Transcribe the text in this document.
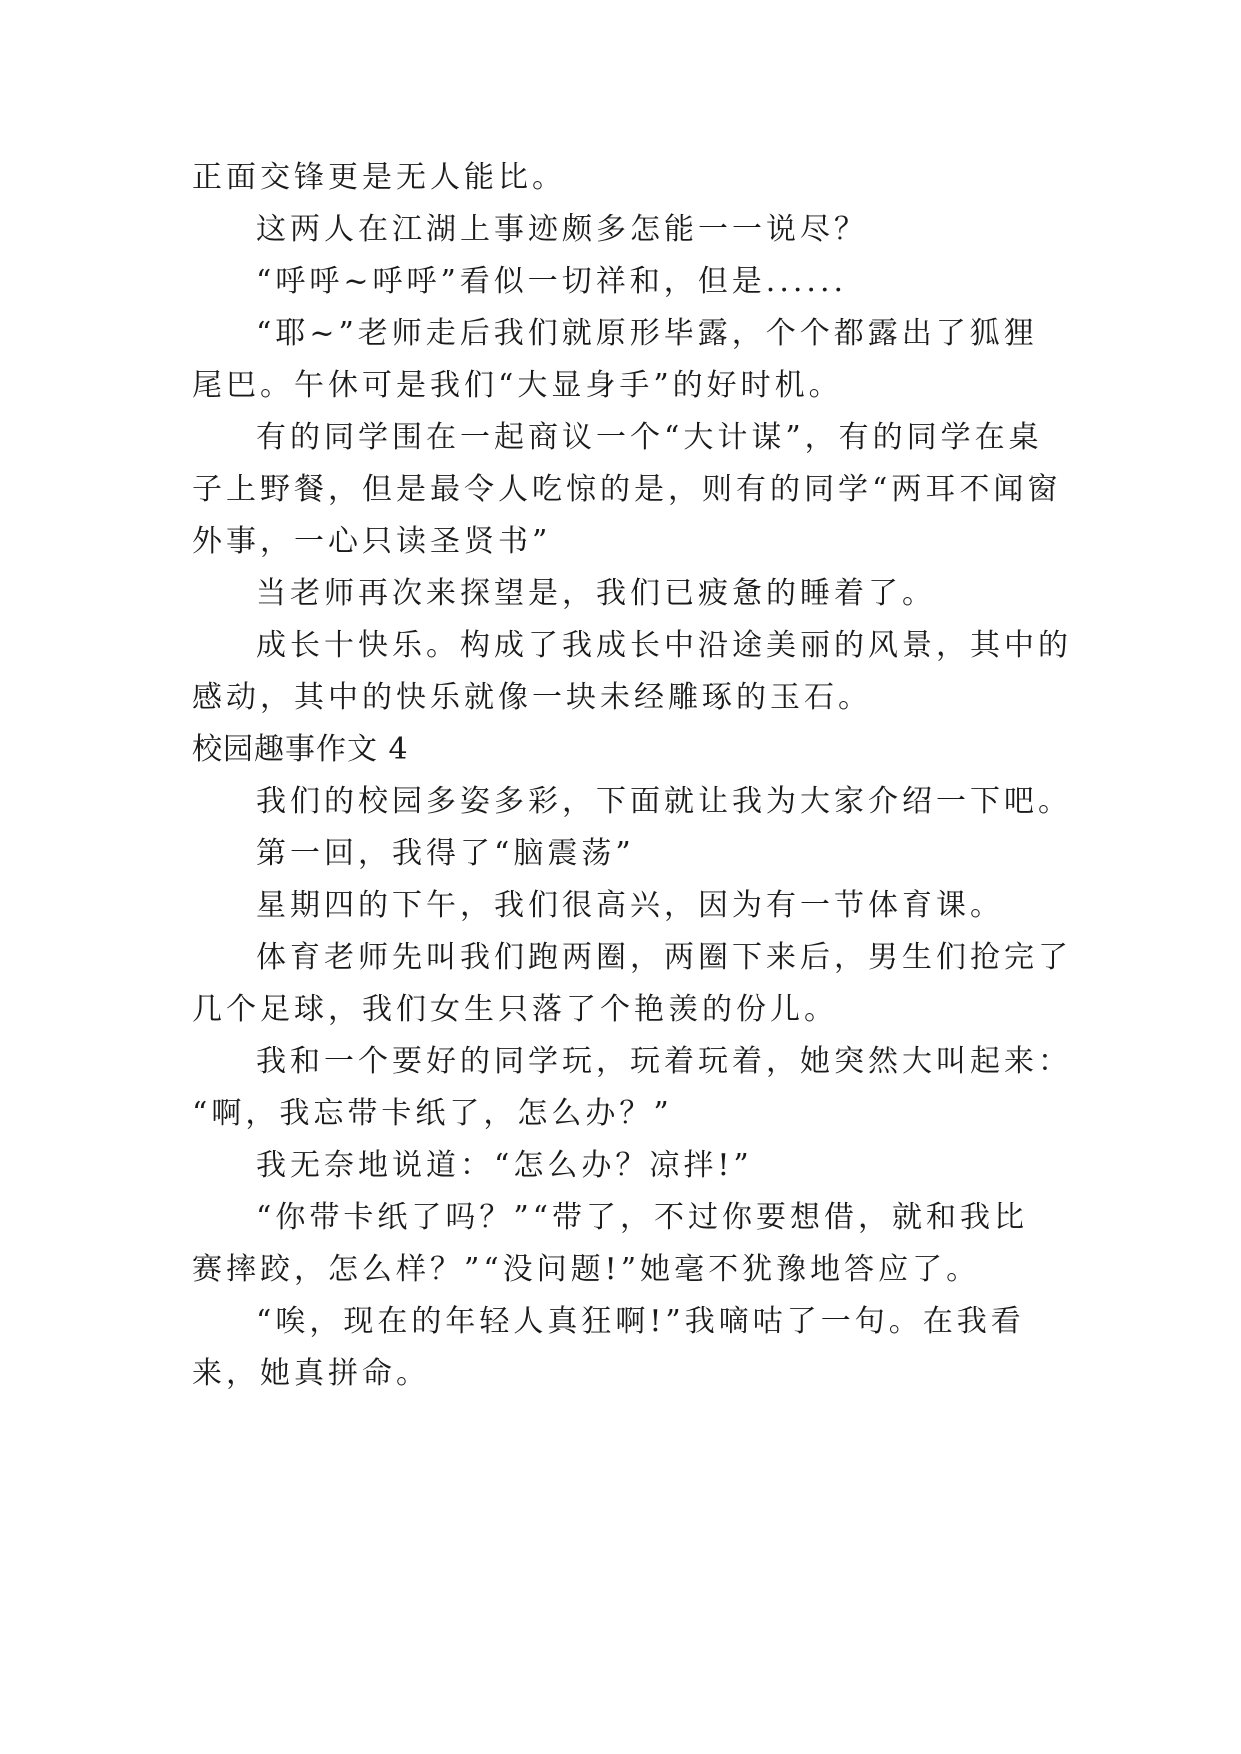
正面交锋更是无人能比。
这两人在江湖上事迹颇多怎能一一说尽？
“呼呼~呼呼”看似一切祥和，但是......
“耶~”老师走后我们就原形毕露，个个都露出了狐狸
尾巴。午休可是我们“大显身手”的好时机。
有的同学围在一起商议一个“大计谋”，有的同学在桌
子上野餐，但是最令人吃惊的是，则有的同学“两耳不闻窗
外事，一心只读圣贤书”
当老师再次来探望是，我们已疲惫的睡着了。
成长十快乐。构成了我成长中沿途美丽的风景，其中的
感动，其中的快乐就像一块未经雕琢的玉石。
校园趣事作文 4
我们的校园多姿多彩，下面就让我为大家介绍一下吧。
第一回，我得了“脑震荡”
星期四的下午，我们很高兴，因为有一节体育课。
体育老师先叫我们跑两圈，两圈下来后，男生们抢完了
几个足球，我们女生只落了个艳羡的份儿。
我和一个要好的同学玩，玩着玩着，她突然大叫起来：
“啊，我忘带卡纸了，怎么办？”
我无奈地说道：“怎么办？凉拌!”
“你带卡纸了吗？”“带了，不过你要想借，就和我比
赛摔跤，怎么样？”“没问题!”她毫不犹豫地答应了。
“唉，现在的年轻人真狂啊!”我嘀咕了一句。在我看
来，她真拼命。
